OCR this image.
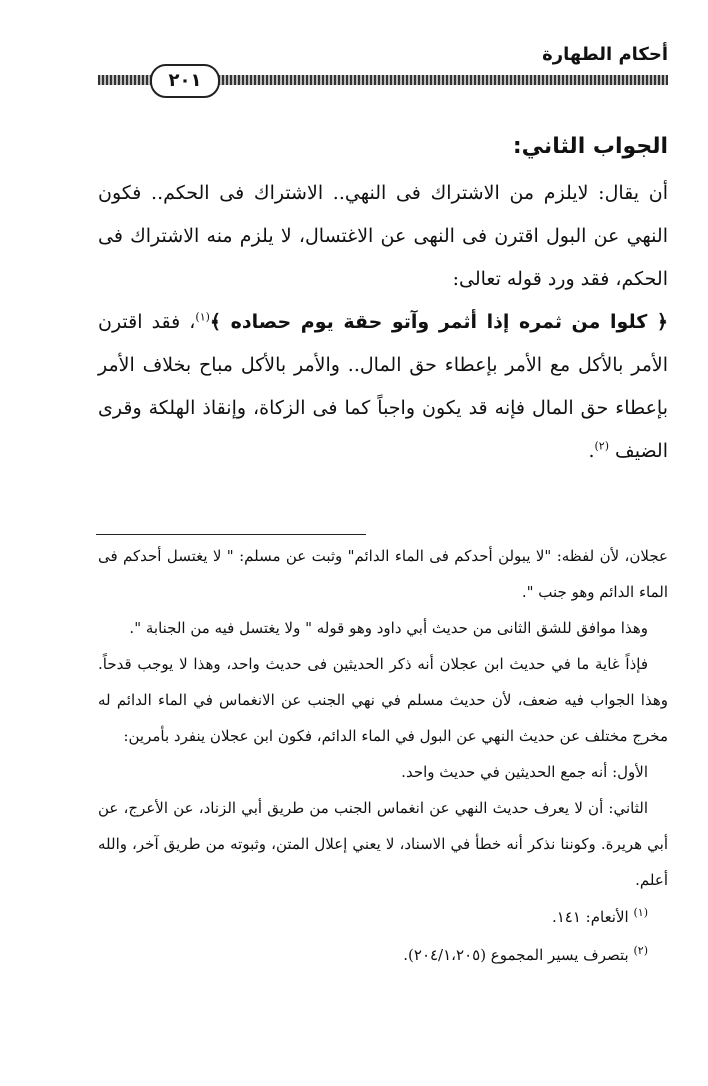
أحكام الطهارة
٢٠١
الجواب الثاني:

أن يقال: لايلزم من الاشتراك فى النهي.. الاشتراك فى الحكم.. فكون النهي عن البول اقترن فى النهى عن الاغتسال، لا يلزم منه الاشتراك فى الحكم، فقد ورد قوله تعالى:

﴿ كلوا من ثمره إذا أثمر وآتو حقة يوم حصاده ﴾$^{(١)}$، فقد اقترن الأمر بالأكل مع الأمر بإعطاء حق المال.. والأمر بالأكل مباح بخلاف الأمر بإعطاء حق المال فإنه قد يكون واجباً كما فى الزكاة، وإنقاذ الهلكة وقرى الضيف $^{(٢)}$.

عجلان، لأن لفظه: "لا يبولن أحدكم فى الماء الدائم" وثبت عن مسلم: " لا يغتسل أحدكم فى الماء الدائم وهو جنب ".

وهذا موافق للشق الثانى من حديث أبي داود وهو قوله " ولا يغتسل فيه من الجنابة ".

فإذاً غاية ما في حديث ابن عجلان أنه ذكر الحديثين فى حديث واحد، وهذا لا يوجب قدحاً. وهذا الجواب فيه ضعف، لأن حديث مسلم في نهي الجنب عن الانغماس في الماء الدائم له مخرج مختلف عن حديث النهي عن البول في الماء الدائم، فكون ابن عجلان ينفرد بأمرين:

الأول: أنه جمع الحديثين في حديث واحد.

الثاني: أن لا يعرف حديث النهي عن انغماس الجنب من طريق أبي الزناد، عن الأعرج، عن أبي هريرة. وكوننا نذكر أنه خطأ في الاسناد، لا يعني إعلال المتن، وثبوته من طريق آخر، والله أعلم.

$^{(١)}$ الأنعام: ١٤١.

$^{(٢)}$ بتصرف يسير المجموع (٢٠٤/١،٢٠٥).
